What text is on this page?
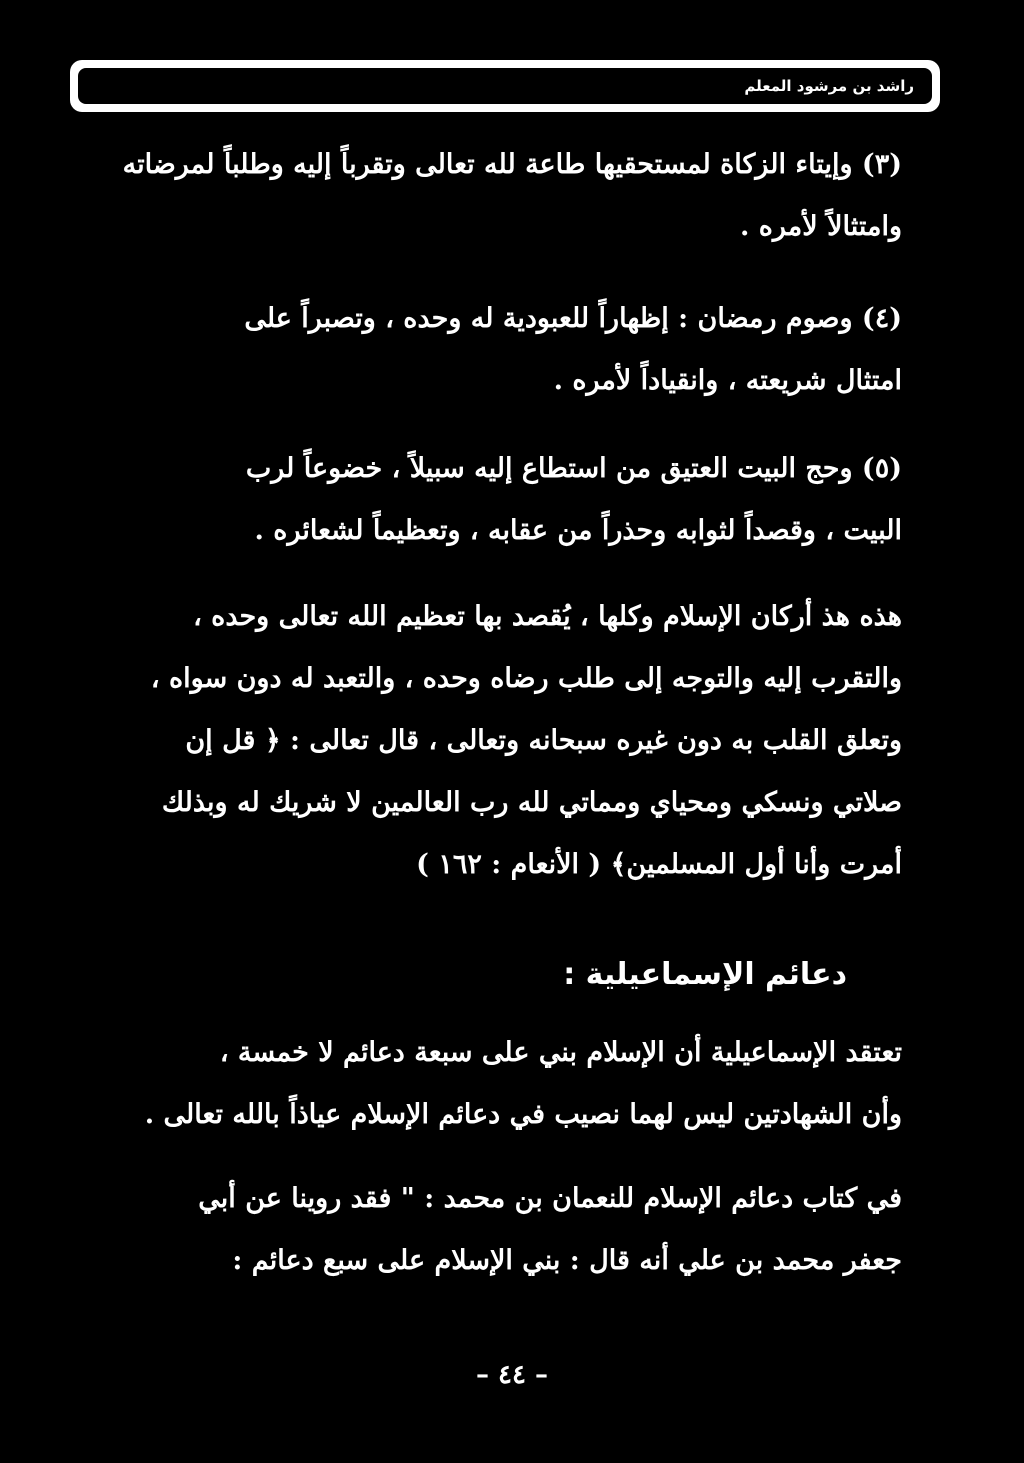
راشد بن مرشود المعلم
(٣) وإيتاء الزكاة لمستحقيها طاعة لله تعالى وتقرباً إليه وطلباً لمرضاته
وامتثالاً لأمره .
(٤) وصوم رمضان : إظهاراً للعبودية له وحده ، وتصبراً على
امتثال شريعته ، وانقياداً لأمره .
(٥) وحج البيت العتيق من استطاع إليه سبيلاً ، خضوعاً لرب
البيت ، وقصداً لثوابه وحذراً من عقابه ، وتعظيماً لشعائره .
هذه هذ أركان الإسلام وكلها ، يُقصد بها تعظيم الله تعالى وحده ،
والتقرب إليه والتوجه إلى طلب رضاه وحده ، والتعبد له دون سواه ،
وتعلق القلب به دون غيره سبحانه وتعالى ، قال تعالى : ﴿ قل إن
صلاتي ونسكي ومحياي ومماتي لله رب العالمين لا شريك له وبذلك
أمرت وأنا أول المسلمين﴾ ( الأنعام : ١٦٢ )
دعائم الإسماعيلية :
تعتقد الإسماعيلية أن الإسلام بني على سبعة دعائم لا خمسة ،
وأن الشهادتين ليس لهما نصيب في دعائم الإسلام عياذاً بالله تعالى .
في كتاب دعائم الإسلام للنعمان بن محمد : " فقد روينا عن أبي
جعفر محمد بن علي أنه قال : بني الإسلام على سبع دعائم :
– ٤٤ –
